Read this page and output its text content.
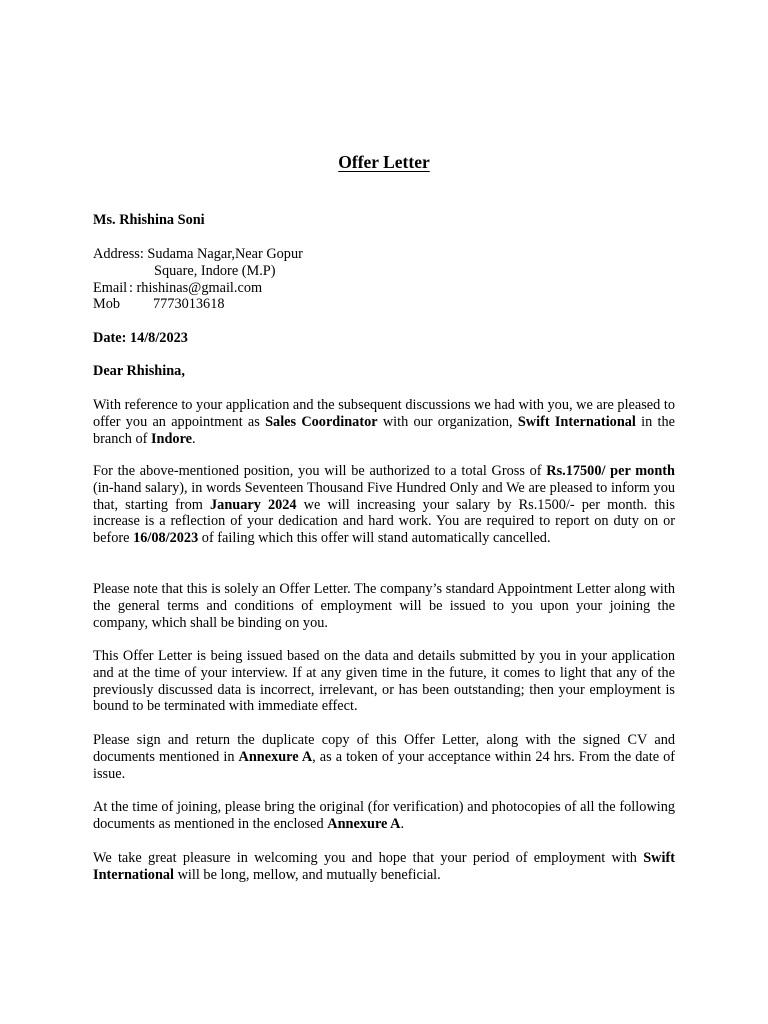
Offer Letter
Ms. Rhishina Soni
Address: Sudama Nagar,Near Gopur
Square, Indore (M.P)
Email : rhishinas@gmail.com
Mob 7773013618
Date: 14/8/2023
Dear Rhishina,

With reference to your application and the subsequent discussions we had with you, we are pleased to offer you an appointment as Sales Coordinator with our organization, Swift International in the branch of Indore.

For the above-mentioned position, you will be authorized to a total Gross of Rs.17500/ per month (in-hand salary), in words Seventeen Thousand Five Hundred Only and We are pleased to inform you that, starting from January 2024 we will increasing your salary by Rs.1500/- per month. this increase is a reflection of your dedication and hard work. You are required to report on duty on or before 16/08/2023 of failing which this offer will stand automatically cancelled.

Please note that this is solely an Offer Letter. The company’s standard Appointment Letter along with the general terms and conditions of employment will be issued to you upon your joining the company, which shall be binding on you.

This Offer Letter is being issued based on the data and details submitted by you in your application and at the time of your interview. If at any given time in the future, it comes to light that any of the previously discussed data is incorrect, irrelevant, or has been outstanding; then your employment is bound to be terminated with immediate effect.

Please sign and return the duplicate copy of this Offer Letter, along with the signed CV and documents mentioned in Annexure A, as a token of your acceptance within 24 hrs. From the date of issue.

At the time of joining, please bring the original (for verification) and photocopies of all the following documents as mentioned in the enclosed Annexure A.

We take great pleasure in welcoming you and hope that your period of employment with Swift International will be long, mellow, and mutually beneficial.
